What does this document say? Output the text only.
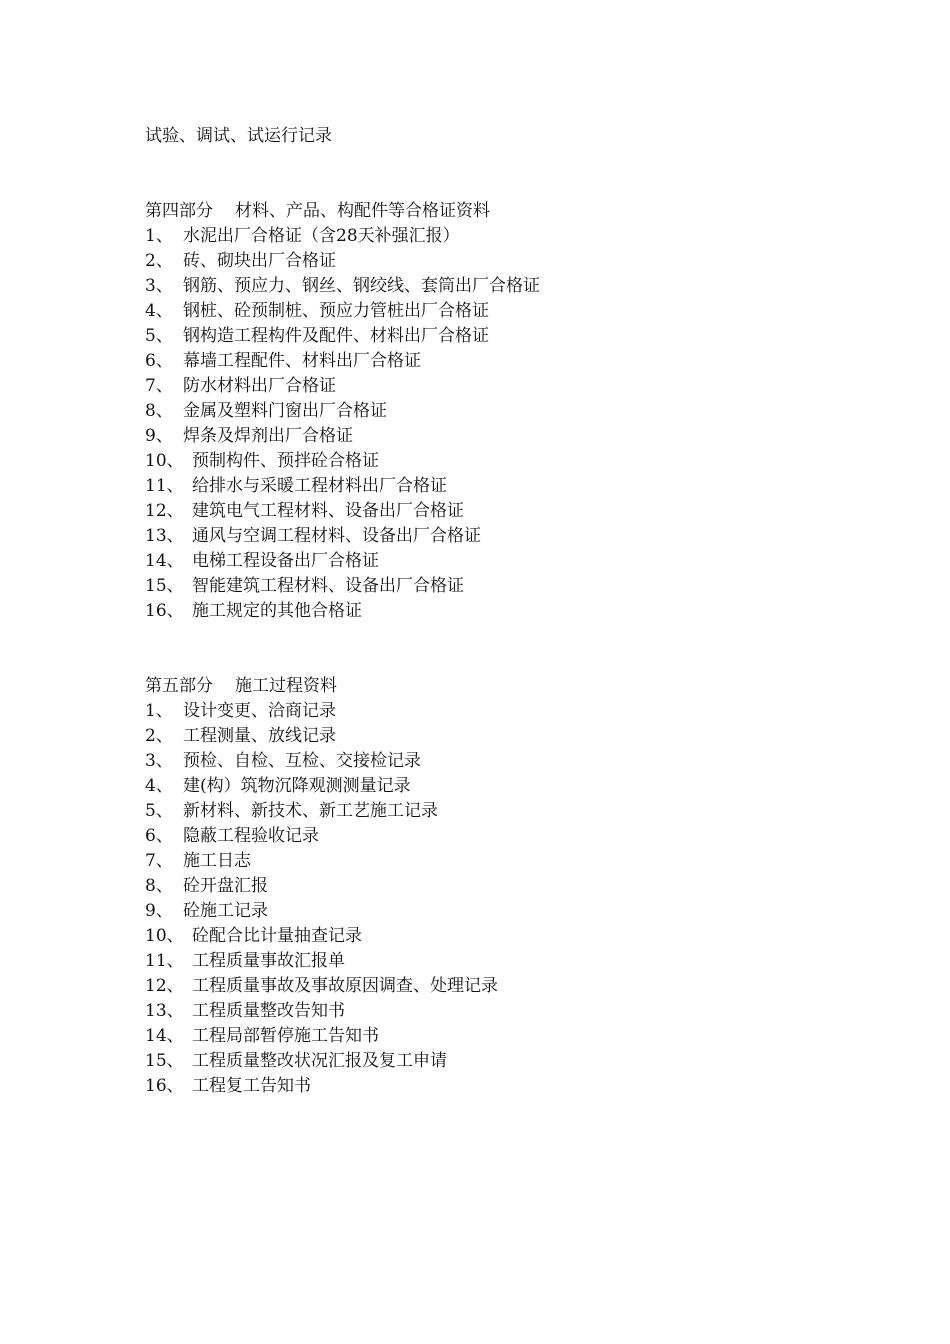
试验、调试、试运行记录
第四部分 材料、产品、构配件等合格证资料
1、 水泥出厂合格证（含28天补强汇报）
2、 砖、砌块出厂合格证
3、 钢筋、预应力、钢丝、钢绞线、套筒出厂合格证
4、 钢桩、砼预制桩、预应力管桩出厂合格证
5、 钢构造工程构件及配件、材料出厂合格证
6、 幕墙工程配件、材料出厂合格证
7、 防水材料出厂合格证
8、 金属及塑料门窗出厂合格证
9、 焊条及焊剂出厂合格证
10、 预制构件、预拌砼合格证
11、 给排水与采暖工程材料出厂合格证
12、 建筑电气工程材料、设备出厂合格证
13、 通风与空调工程材料、设备出厂合格证
14、 电梯工程设备出厂合格证
15、 智能建筑工程材料、设备出厂合格证
16、 施工规定的其他合格证
第五部分 施工过程资料
1、 设计变更、洽商记录
2、 工程测量、放线记录
3、 预检、自检、互检、交接检记录
4、 建(构）筑物沉降观测测量记录
5、 新材料、新技术、新工艺施工记录
6、 隐蔽工程验收记录
7、 施工日志
8、 砼开盘汇报
9、 砼施工记录
10、 砼配合比计量抽查记录
11、 工程质量事故汇报单
12、 工程质量事故及事故原因调查、处理记录
13、 工程质量整改告知书
14、 工程局部暂停施工告知书
15、 工程质量整改状况汇报及复工申请
16、 工程复工告知书
